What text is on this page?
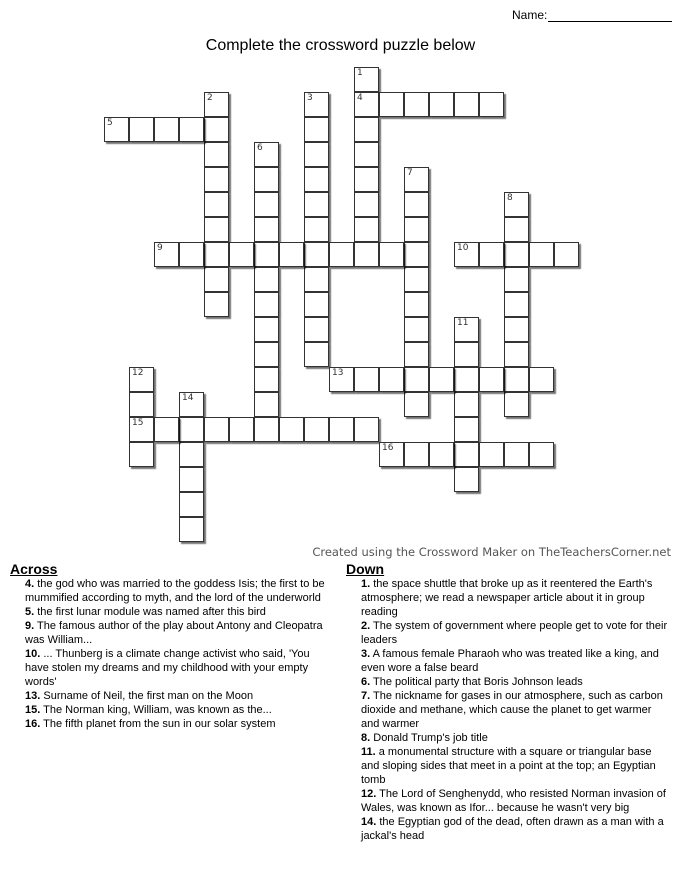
Name:
Complete the crossword puzzle below
1
4
2	3
6
7
8
11
12
15
14
5
9	10
13
16
Created using the Crossword Maker on TheTeachersCorner.net
Across

4. the god who was married to the goddess Isis; the first to be mummified according to myth, and the lord of the underworld

5. the first lunar module was named after this bird

9. The famous author of the play about Antony and Cleopatra was William...

10. ... Thunberg is a climate change activist who said, 'You have stolen my dreams and my childhood with your empty words'

13. Surname of Neil, the first man on the Moon

15. The Norman king, William, was known as the...

16. The fifth planet from the sun in our solar system

Down

1. the space shuttle that broke up as it reentered the Earth's atmosphere; we read a newspaper article about it in group reading

2. The system of government where people get to vote for their leaders

3. A famous female Pharaoh who was treated like a king, and even wore a false beard

6. The political party that Boris Johnson leads

7. The nickname for gases in our atmosphere, such as carbon dioxide and methane, which cause the planet to get warmer and warmer

8. Donald Trump's job title

11. a monumental structure with a square or triangular base and sloping sides that meet in a point at the top; an Egyptian tomb

12. The Lord of Senghenydd, who resisted Norman invasion of Wales, was known as Ifor... because he wasn't very big

14. the Egyptian god of the dead, often drawn as a man with a jackal's head
